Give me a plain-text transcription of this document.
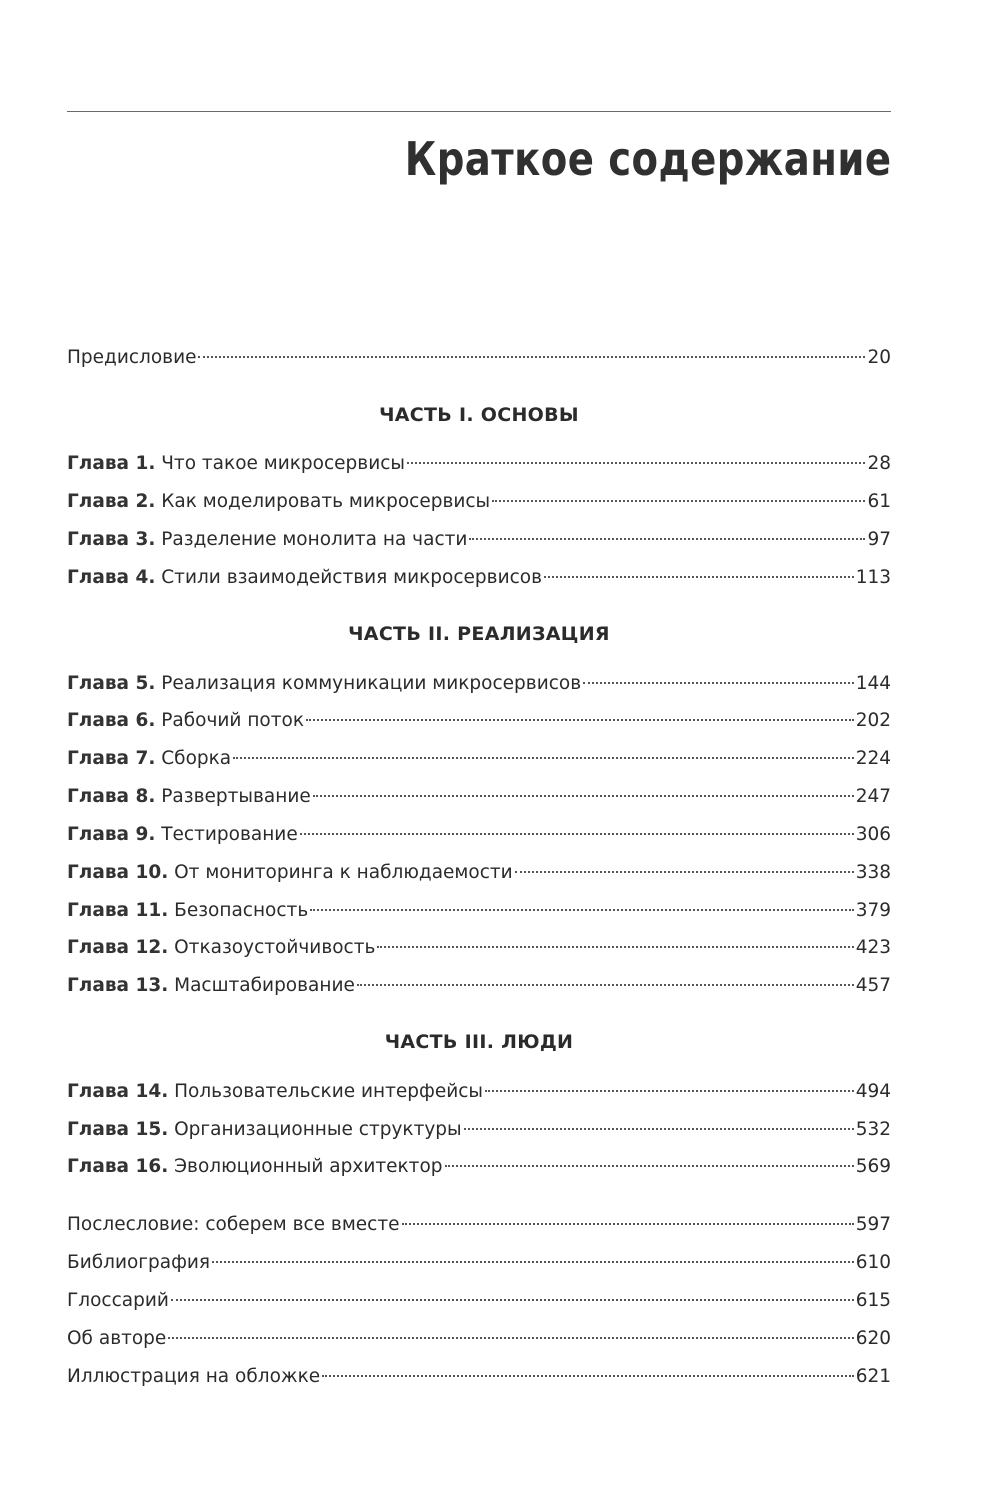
Краткое содержание
Предисловие	20
ЧАСТЬ I. ОСНОВЫ
Глава 1. Что такое микросервисы	28
Глава 2. Как моделировать микросервисы	61
Глава 3. Разделение монолита на части	97
Глава 4. Стили взаимодействия микросервисов	113
ЧАСТЬ II. РЕАЛИЗАЦИЯ
Глава 5. Реализация коммуникации микросервисов	144
Глава 6. Рабочий поток	202
Глава 7. Сборка	224
Глава 8. Развертывание	247
Глава 9. Тестирование	306
Глава 10. От мониторинга к наблюдаемости	338
Глава 11. Безопасность	379
Глава 12. Отказоустойчивость	423
Глава 13. Масштабирование	457
ЧАСТЬ III. ЛЮДИ
Глава 14. Пользовательские интерфейсы	494
Глава 15. Организационные структуры	532
Глава 16. Эволюционный архитектор	569
Послесловие: соберем все вместе	597
Библиография	610
Глоссарий	615
Об авторе	620
Иллюстрация на обложке	621
